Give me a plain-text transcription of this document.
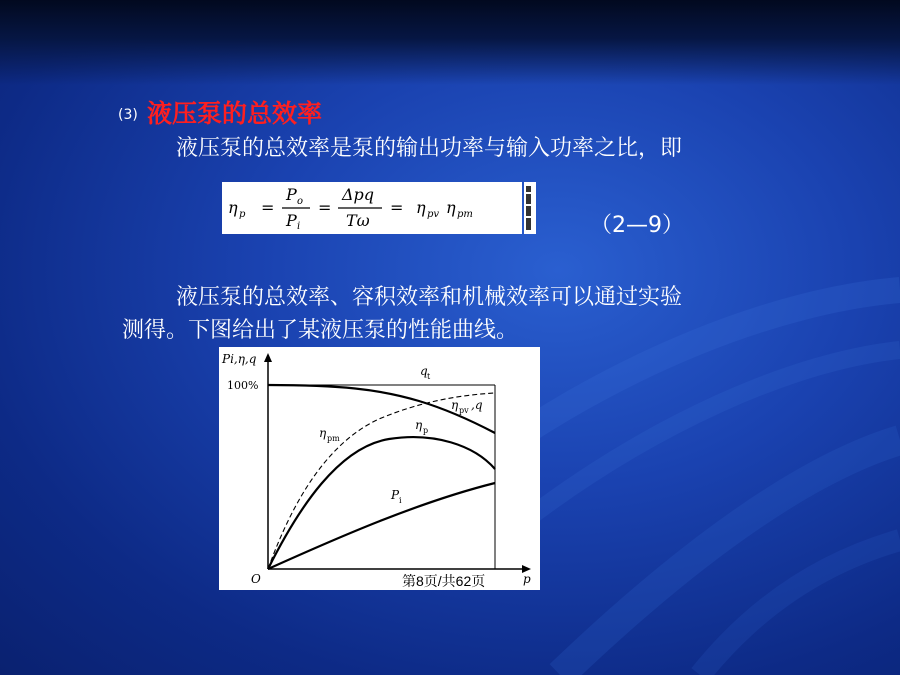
(3) 液压泵的总效率
液压泵的总效率是泵的输出功率与输入功率之比，即
η p =
P o
P i
=
Δpq
Tω
= η pv η pm	（2—9）
液压泵的总效率、容积效率和机械效率可以通过实验
测得。下图给出了某液压泵的性能曲线。
Pi,η,q
p
O
q t
η pv ,q
η pm
η p
P i
100%
第8页/共62页
